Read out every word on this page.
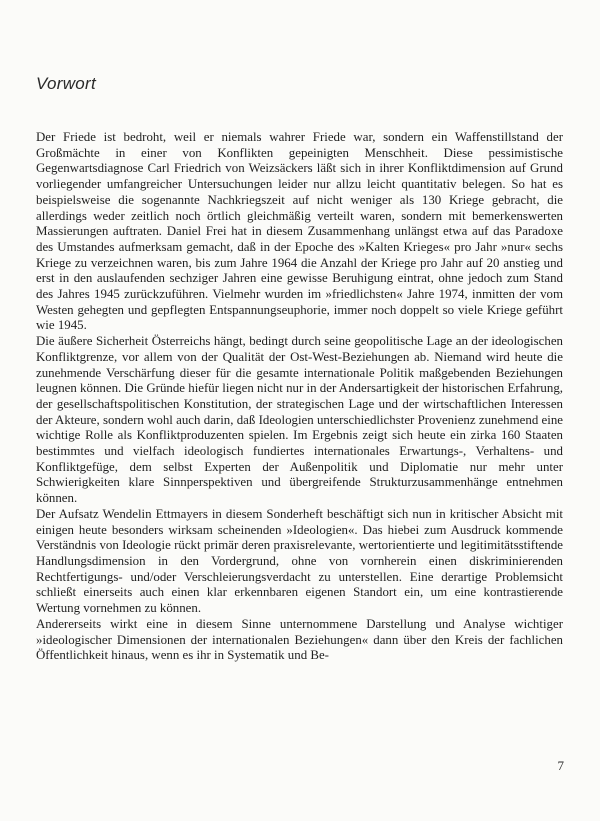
Vorwort

Der Friede ist bedroht, weil er niemals wahrer Friede war, sondern ein Waffenstillstand der Großmächte in einer von Konflikten gepeinigten Menschheit. Diese pessimistische Gegenwartsdiagnose Carl Friedrich von Weizsäckers läßt sich in ihrer Konfliktdimension auf Grund vorliegender umfangreicher Untersuchungen leider nur allzu leicht quantitativ belegen. So hat es beispielsweise die sogenannte Nachkriegszeit auf nicht weniger als 130 Kriege gebracht, die allerdings weder zeitlich noch örtlich gleichmäßig verteilt waren, sondern mit bemerkenswerten Massierungen auftraten. Daniel Frei hat in diesem Zusammenhang unlängst etwa auf das Paradoxe des Umstandes aufmerksam gemacht, daß in der Epoche des »Kalten Krieges« pro Jahr »nur« sechs Kriege zu verzeichnen waren, bis zum Jahre 1964 die Anzahl der Kriege pro Jahr auf 20 anstieg und erst in den auslaufenden sechziger Jahren eine gewisse Beruhigung eintrat, ohne jedoch zum Stand des Jahres 1945 zurückzuführen. Vielmehr wurden im »friedlichsten« Jahre 1974, inmitten der vom Westen gehegten und gepflegten Entspannungseuphorie, immer noch doppelt so viele Kriege geführt wie 1945.

Die äußere Sicherheit Österreichs hängt, bedingt durch seine geopolitische Lage an der ideologischen Konfliktgrenze, vor allem von der Qualität der Ost-West-Beziehungen ab. Niemand wird heute die zunehmende Verschärfung dieser für die gesamte internationale Politik maßgebenden Beziehungen leugnen können. Die Gründe hiefür liegen nicht nur in der Andersartigkeit der historischen Erfahrung, der gesellschaftspolitischen Konstitution, der strategischen Lage und der wirtschaftlichen Interessen der Akteure, sondern wohl auch darin, daß Ideologien unterschiedlichster Provenienz zunehmend eine wichtige Rolle als Konfliktproduzenten spielen. Im Ergebnis zeigt sich heute ein zirka 160 Staaten bestimmtes und vielfach ideologisch fundiertes internationales Erwartungs-, Verhaltens- und Konfliktgefüge, dem selbst Experten der Außenpolitik und Diplomatie nur mehr unter Schwierigkeiten klare Sinnperspektiven und übergreifende Strukturzusammenhänge entnehmen können.

Der Aufsatz Wendelin Ettmayers in diesem Sonderheft beschäftigt sich nun in kritischer Absicht mit einigen heute besonders wirksam scheinenden »Ideologien«. Das hiebei zum Ausdruck kommende Verständnis von Ideologie rückt primär deren praxisrelevante, wertorientierte und legitimitätsstiftende Handlungsdimension in den Vordergrund, ohne von vornherein einen diskriminierenden Rechtfertigungs- und/oder Verschleierungsverdacht zu unterstellen. Eine derartige Problemsicht schließt einerseits auch einen klar erkennbaren eigenen Standort ein, um eine kontrastierende Wertung vornehmen zu können.

Andererseits wirkt eine in diesem Sinne unternommene Darstellung und Analyse wichtiger »ideologischer Dimensionen der internationalen Beziehungen« dann über den Kreis der fachlichen Öffentlichkeit hinaus, wenn es ihr in Systematik und Be-

7
